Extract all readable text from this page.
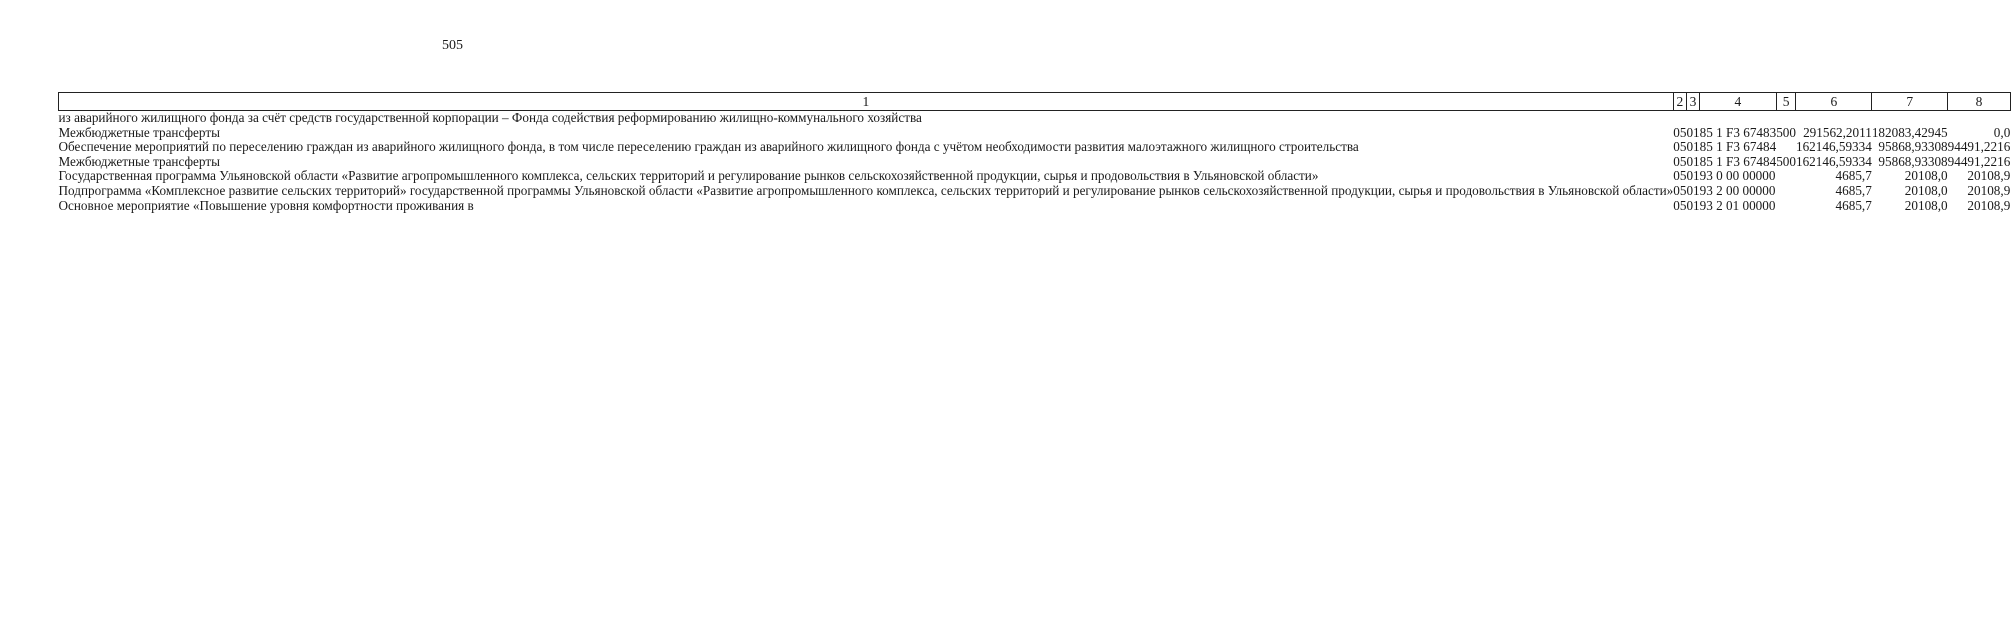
505
1	2	3	4	5	6	7	8
из аварийного жилищного фонда за счёт средств государственной корпорации – Фонда содействия реформированию жилищно-коммунального хозяйства							
Межбюджетные трансферты	05	01	85 1 F3 67483	500	291562,2011	182083,42945	0,0
Обеспечение мероприятий по переселению граждан из аварийного жилищного фонда, в том числе переселению граждан из аварийного жилищного фонда с учётом необходимости развития малоэтажного жилищного строительства	05	01	85 1 F3 67484		162146,59334	95868,93308	94491,2216
Межбюджетные трансферты	05	01	85 1 F3 67484	500	162146,59334	95868,93308	94491,2216
Государственная программа Ульяновской области «Развитие агропромышленного комплекса, сельских территорий и регулирование рынков сельскохозяйственной продукции, сырья и продовольствия в Ульяновской области»	05	01	93 0 00 00000		4685,7	20108,0	20108,9
Подпрограмма «Комплексное развитие сельских территорий» государственной программы Ульяновской области «Развитие агропромышленного комплекса, сельских территорий и регулирование рынков сельскохозяйственной продукции, сырья и продовольствия в Ульяновской области»	05	01	93 2 00 00000		4685,7	20108,0	20108,9
Основное мероприятие «Повышение уровня комфортности проживания в	05	01	93 2 01 00000		4685,7	20108,0	20108,9
